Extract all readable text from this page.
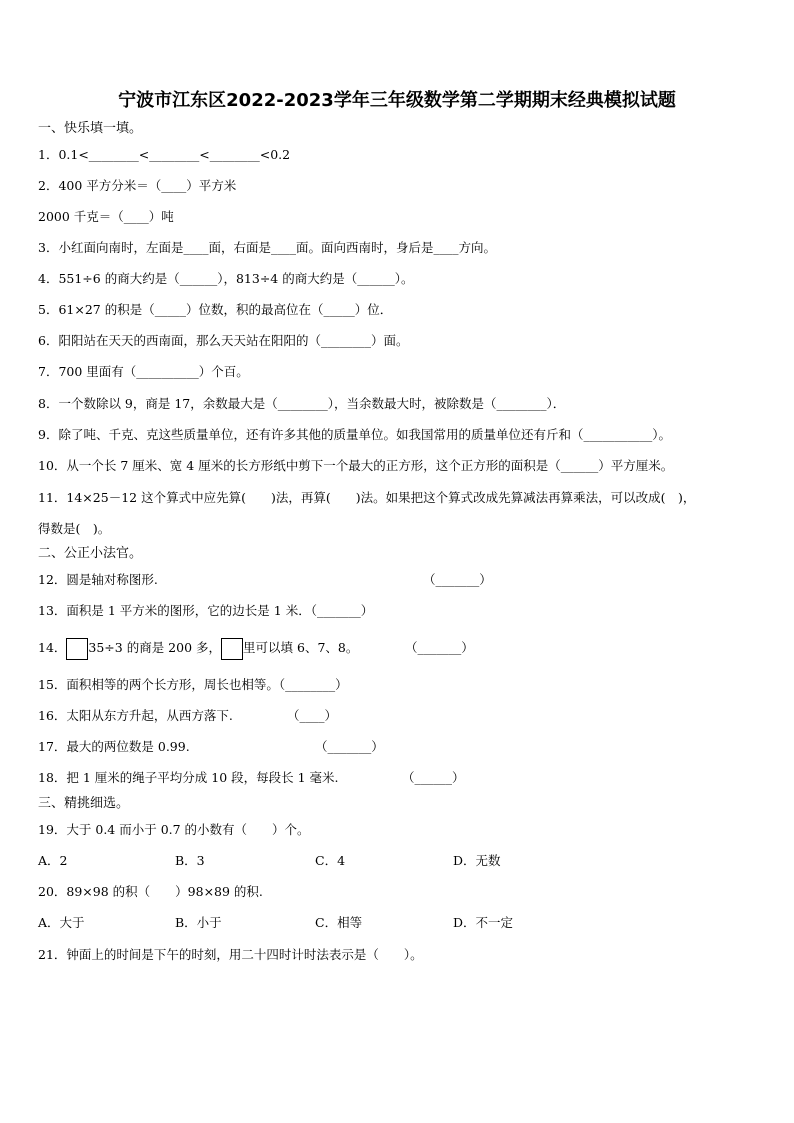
宁波市江东区2022-2023学年三年级数学第二学期期末经典模拟试题
一、快乐填一填。
1．0.1<________<________<________<0.2
2．400 平方分米＝（____）平方米
2000 千克＝（____）吨
3．小红面向南时，左面是____面，右面是____面。面向西南时，身后是____方向。
4．551÷6 的商大约是（______），813÷4 的商大约是（______）。
5．61×27 的积是（_____）位数，积的最高位在（_____）位．
6．阳阳站在天天的西南面，那么天天站在阳阳的（________）面。
7．700 里面有（__________）个百。
8．一个数除以 9，商是 17，余数最大是（________），当余数最大时，被除数是（________）．
9．除了吨、千克、克这些质量单位，还有许多其他的质量单位。如我国常用的质量单位还有斤和（___________）。
10．从一个长 7 厘米、宽 4 厘米的长方形纸中剪下一个最大的正方形，这个正方形的面积是（______）平方厘米。
11．14×25－12 这个算式中应先算(　　)法，再算(　　)法。如果把这个算式改成先算减法再算乘法，可以改成(　)，
得数是(　)。
二、公正小法官。
12．圆是轴对称图形.	（_______）
13．面积是 1 平方米的图形，它的边长是 1 米．（_______）
14． 35÷3 的商是 200 多， 里可以填 6、7、8。	（_______）
15．面积相等的两个长方形，周长也相等。（________）
16．太阳从东方升起，从西方落下.	（____）
17．最大的两位数是 0.99.	（_______）
18．把 1 厘米的绳子平均分成 10 段，每段长 1 毫米.	（______）
三、精挑细选。
19．大于 0.4 而小于 0.7 的小数有（　　）个。
A．2	B．3	C．4	D．无数
20．89×98 的积（　　）98×89 的积.
A．大于	B．小于	C．相等	D．不一定
21．钟面上的时间是下午的时刻，用二十四时计时法表示是（　　）。
